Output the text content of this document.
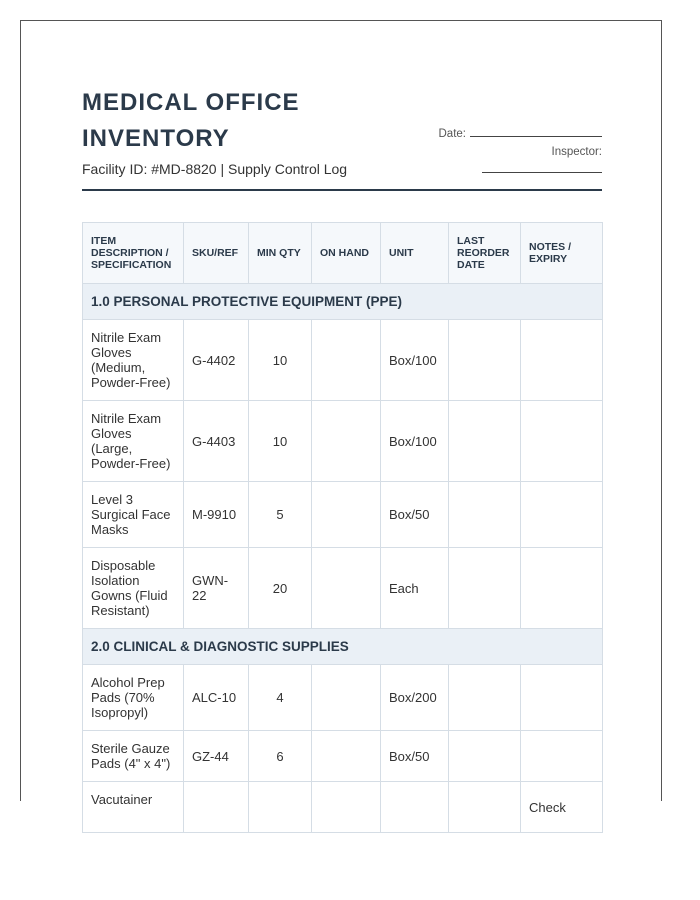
MEDICAL OFFICE INVENTORY
Facility ID: #MD-8820 | Supply Control Log
Date:
Inspector:
ITEM DESCRIPTION / SPECIFICATION	SKU/REF	MIN QTY	ON HAND	UNIT	LAST REORDER DATE	NOTES / EXPIRY
1.0 PERSONAL PROTECTIVE EQUIPMENT (PPE)						
Nitrile Exam Gloves (Medium, Powder-Free)	G-4402	10		Box/100		
Nitrile Exam Gloves (Large, Powder-Free)	G-4403	10		Box/100		
Level 3 Surgical Face Masks	M-9910	5		Box/50		
Disposable Isolation Gowns (Fluid Resistant)	GWN-22	20		Each		
2.0 CLINICAL & DIAGNOSTIC SUPPLIES						
Alcohol Prep Pads (70% Isopropyl)	ALC-10	4		Box/200		
Sterile Gauze Pads (4" x 4")	GZ-44	6		Box/50		
Vacutainer						Check
